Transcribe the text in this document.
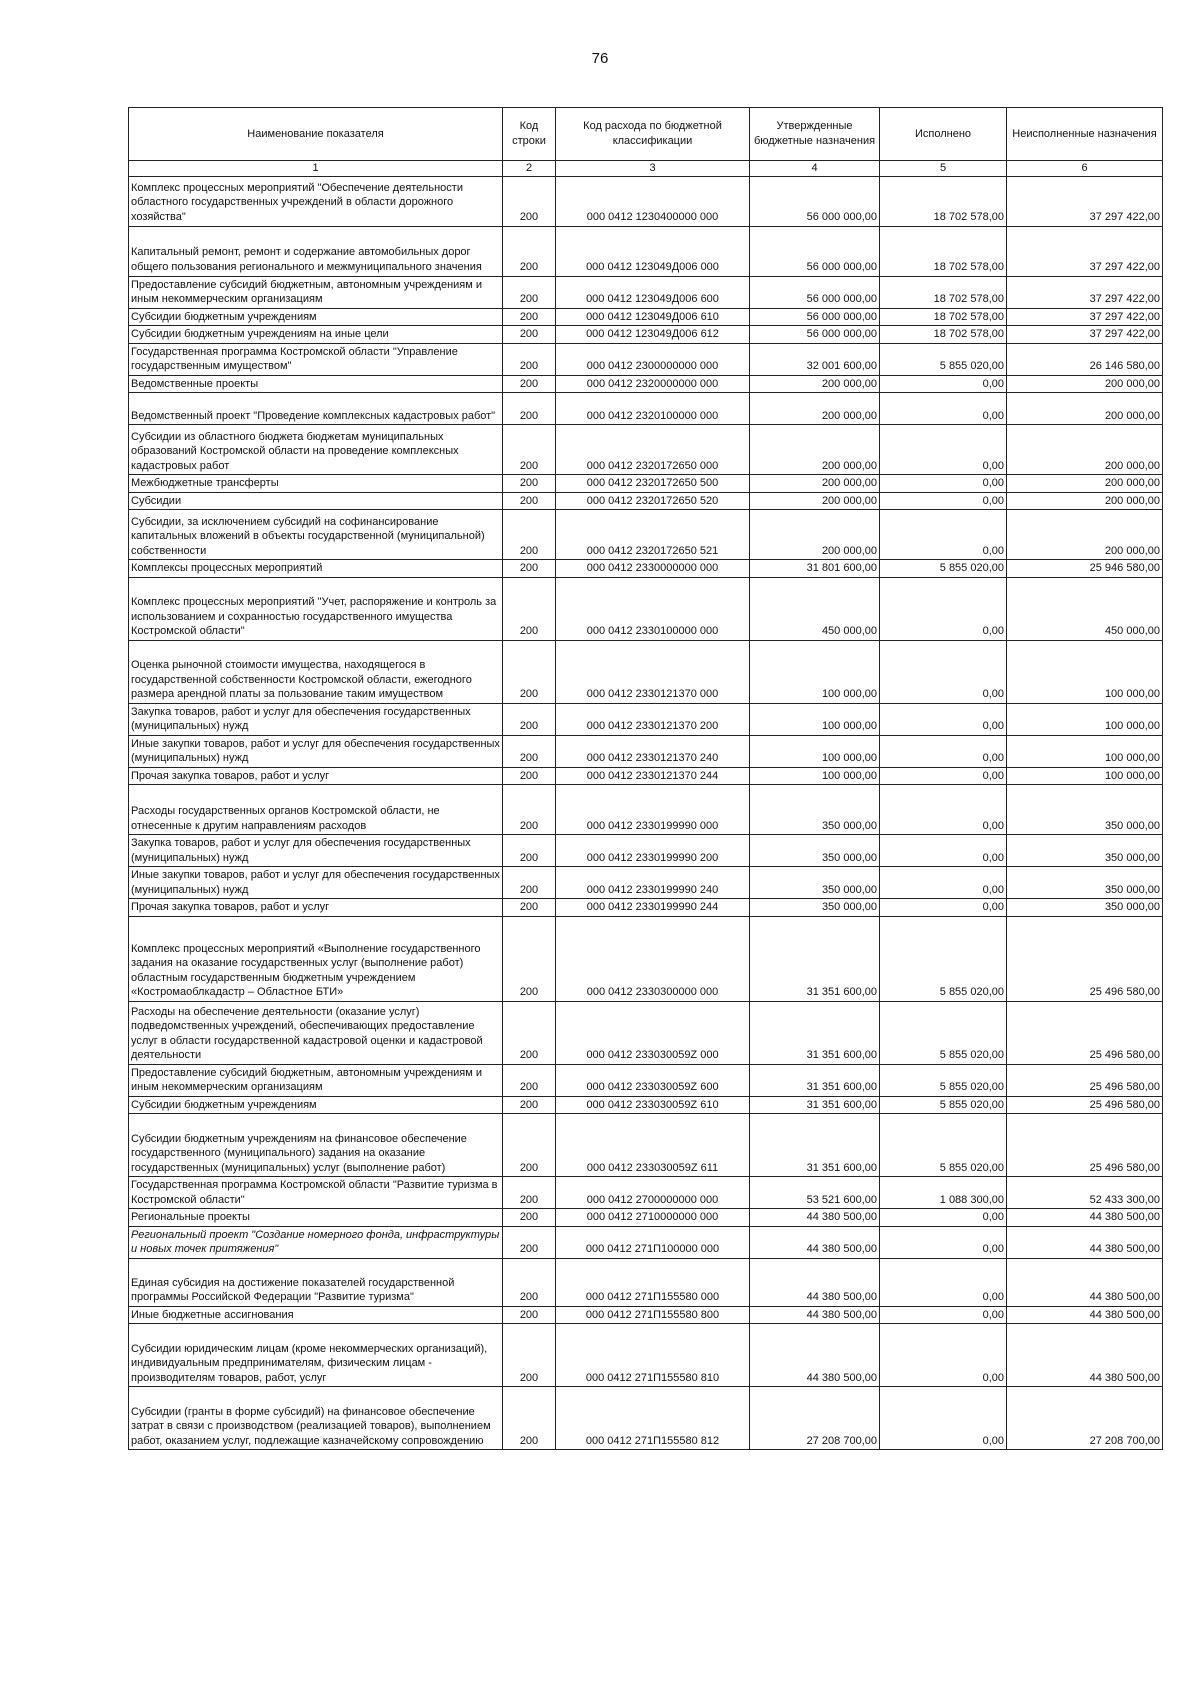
76
Наименование показателя	Код строки	Код расхода по бюджетной классификации	Утвержденные бюджетные назначения	Исполнено	Неисполненные назначения
1	2	3	4	5	6
Комплекс процессных мероприятий "Обеспечение деятельности областного государственных учреждений в области дорожного хозяйства"	200	000 0412 1230400000 000	56 000 000,00	18 702 578,00	37 297 422,00
Капитальный ремонт, ремонт и содержание автомобильных дорог общего пользования регионального и межмуниципального значения	200	000 0412 123049Д006 000	56 000 000,00	18 702 578,00	37 297 422,00
Предоставление субсидий бюджетным, автономным учреждениям и иным некоммерческим организациям	200	000 0412 123049Д006 600	56 000 000,00	18 702 578,00	37 297 422,00
Субсидии бюджетным учреждениям	200	000 0412 123049Д006 610	56 000 000,00	18 702 578,00	37 297 422,00
Субсидии бюджетным учреждениям на иные цели	200	000 0412 123049Д006 612	56 000 000,00	18 702 578,00	37 297 422,00
Государственная программа Костромской области "Управление государственным имуществом"	200	000 0412 2300000000 000	32 001 600,00	5 855 020,00	26 146 580,00
Ведомственные проекты	200	000 0412 2320000000 000	200 000,00	0,00	200 000,00
Ведомственный проект "Проведение комплексных кадастровых работ"	200	000 0412 2320100000 000	200 000,00	0,00	200 000,00
Субсидии из областного бюджета бюджетам муниципальных образований Костромской области на проведение комплексных кадастровых работ	200	000 0412 2320172650 000	200 000,00	0,00	200 000,00
Межбюджетные трансферты	200	000 0412 2320172650 500	200 000,00	0,00	200 000,00
Субсидии	200	000 0412 2320172650 520	200 000,00	0,00	200 000,00
Субсидии, за исключением субсидий на софинансирование капитальных вложений в объекты государственной (муниципальной) собственности	200	000 0412 2320172650 521	200 000,00	0,00	200 000,00
Комплексы процессных мероприятий	200	000 0412 2330000000 000	31 801 600,00	5 855 020,00	25 946 580,00
Комплекс процессных мероприятий "Учет, распоряжение и контроль за использованием и сохранностью государственного имущества Костромской области"	200	000 0412 2330100000 000	450 000,00	0,00	450 000,00
Оценка рыночной стоимости имущества, находящегося в государственной собственности Костромской области, ежегодного размера арендной платы за пользование таким имуществом	200	000 0412 2330121370 000	100 000,00	0,00	100 000,00
Закупка товаров, работ и услуг для обеспечения государственных (муниципальных) нужд	200	000 0412 2330121370 200	100 000,00	0,00	100 000,00
Иные закупки товаров, работ и услуг для обеспечения государственных (муниципальных) нужд	200	000 0412 2330121370 240	100 000,00	0,00	100 000,00
Прочая закупка товаров, работ и услуг	200	000 0412 2330121370 244	100 000,00	0,00	100 000,00
Расходы государственных органов Костромской области, не отнесенные к другим направлениям расходов	200	000 0412 2330199990 000	350 000,00	0,00	350 000,00
Закупка товаров, работ и услуг для обеспечения государственных (муниципальных) нужд	200	000 0412 2330199990 200	350 000,00	0,00	350 000,00
Иные закупки товаров, работ и услуг для обеспечения государственных (муниципальных) нужд	200	000 0412 2330199990 240	350 000,00	0,00	350 000,00
Прочая закупка товаров, работ и услуг	200	000 0412 2330199990 244	350 000,00	0,00	350 000,00
Комплекс процессных мероприятий «Выполнение государственного задания на оказание государственных услуг (выполнение работ) областным государственным бюджетным учреждением «Костромаоблкадастр – Областное БТИ»	200	000 0412 2330300000 000	31 351 600,00	5 855 020,00	25 496 580,00
Расходы на обеспечение деятельности (оказание услуг) подведомственных учреждений, обеспечивающих предоставление услуг в области государственной кадастровой оценки и кадастровой деятельности	200	000 0412 233030059Z 000	31 351 600,00	5 855 020,00	25 496 580,00
Предоставление субсидий бюджетным, автономным учреждениям и иным некоммерческим организациям	200	000 0412 233030059Z 600	31 351 600,00	5 855 020,00	25 496 580,00
Субсидии бюджетным учреждениям	200	000 0412 233030059Z 610	31 351 600,00	5 855 020,00	25 496 580,00
Субсидии бюджетным учреждениям на финансовое обеспечение государственного (муниципального) задания на оказание государственных (муниципальных) услуг (выполнение работ)	200	000 0412 233030059Z 611	31 351 600,00	5 855 020,00	25 496 580,00
Государственная программа Костромской области "Развитие туризма в Костромской области"	200	000 0412 2700000000 000	53 521 600,00	1 088 300,00	52 433 300,00
Региональные проекты	200	000 0412 2710000000 000	44 380 500,00	0,00	44 380 500,00
Региональный проект "Создание номерного фонда, инфраструктуры и новых точек притяжения"	200	000 0412 271П100000 000	44 380 500,00	0,00	44 380 500,00
Единая субсидия на достижение показателей государственной программы Российской Федерации "Развитие туризма"	200	000 0412 271П155580 000	44 380 500,00	0,00	44 380 500,00
Иные бюджетные ассигнования	200	000 0412 271П155580 800	44 380 500,00	0,00	44 380 500,00
Субсидии юридическим лицам (кроме некоммерческих организаций), индивидуальным предпринимателям, физическим лицам - производителям товаров, работ, услуг	200	000 0412 271П155580 810	44 380 500,00	0,00	44 380 500,00
Субсидии (гранты в форме субсидий) на финансовое обеспечение затрат в связи с производством (реализацией товаров), выполнением работ, оказанием услуг, подлежащие казначейскому сопровождению	200	000 0412 271П155580 812	27 208 700,00	0,00	27 208 700,00
